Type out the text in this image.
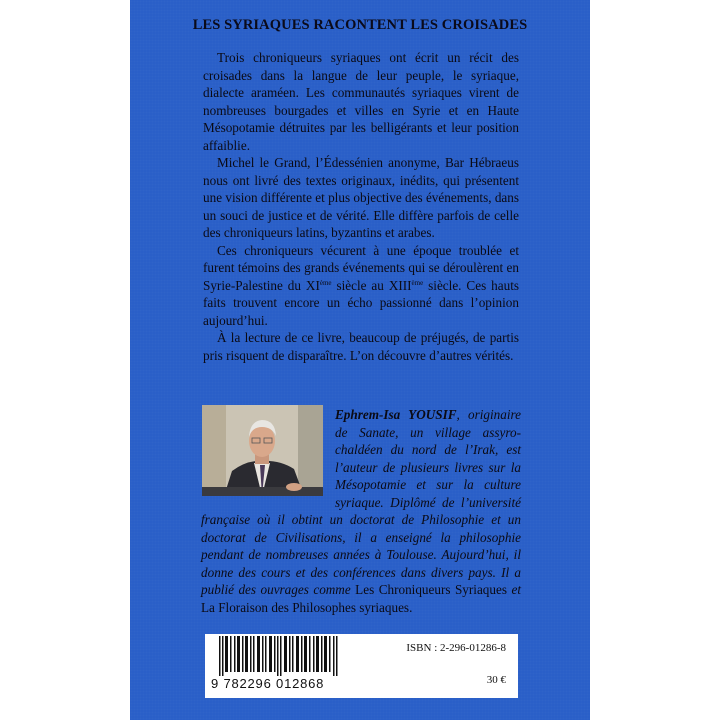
LES SYRIAQUES RACONTENT LES CROISADES

Trois chroniqueurs syriaques ont écrit un récit des croisades dans la langue de leur peuple, le syriaque, dialecte araméen. Les communautés syriaques virent de nombreuses bourgades et villes en Syrie et en Haute Mésopotamie détruites par les belligérants et leur position affaiblie.

Michel le Grand, l’Édessénien anonyme, Bar Hébraeus nous ont livré des textes originaux, inédits, qui présentent une vision différente et plus objective des événements, dans un souci de justice et de vérité. Elle diffère parfois de celle des chroniqueurs latins, byzantins et arabes.

Ces chroniqueurs vécurent à une époque troublée et furent témoins des grands événements qui se déroulèrent en Syrie-Palestine du XIème siècle au XIIIème siècle. Ces hauts faits trouvent encore un écho passionné dans l’opinion aujourd’hui.

À la lecture de ce livre, beaucoup de préjugés, de partis pris risquent de disparaître. L’on découvre d’autres vérités.

Ephrem-Isa YOUSIF, originaire de Sanate, un village assyro-chaldéen du nord de l’Irak, est l’auteur de plusieurs livres sur la Mésopotamie et sur la culture syriaque. Diplômé de l’université française où il obtint un doctorat de Philosophie et un doctorat de Civilisations, il a enseigné la philosophie pendant de nombreuses années à Toulouse. Aujourd’hui, il donne des cours et des conférences dans divers pays. Il a publié des ouvrages comme Les Chroniqueurs Syriaques et La Floraison des Philosophes syriaques.

9 782296 012868
ISBN : 2-296-01286-8
30 €
